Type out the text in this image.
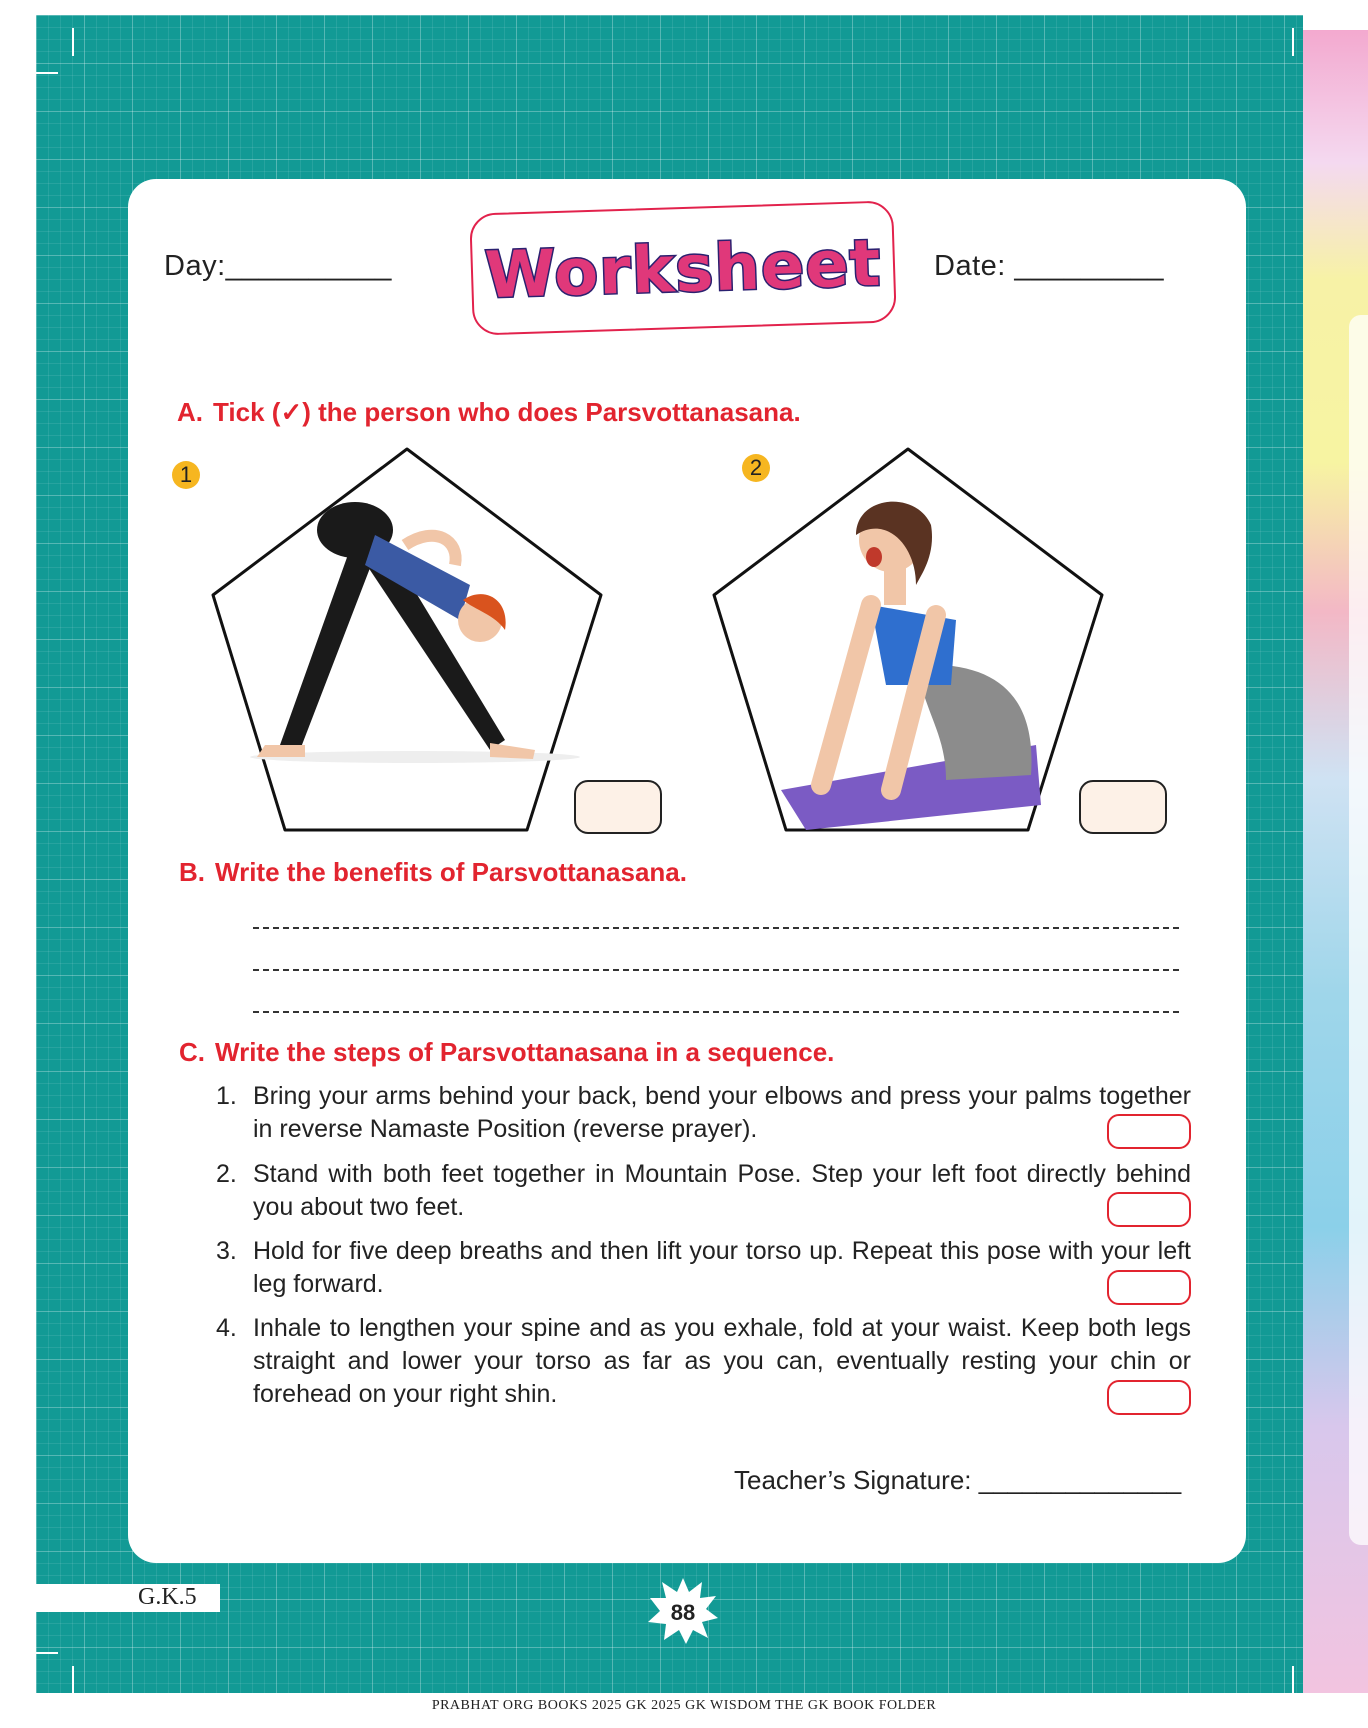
Day:__________	Date: _________
Worksheet
A. Tick (✓) the person who does Parsvottanasana.
1	2
B. Write the benefits of Parsvottanasana.
C. Write the steps of Parsvottanasana in a sequence.
1. Bring your arms behind your back, bend your elbows and press your palms together in reverse Namaste Position (reverse prayer).
2. Stand with both feet together in Mountain Pose. Step your left foot directly behind you about two feet.
3. Hold for five deep breaths and then lift your torso up. Repeat this pose with your left leg forward.
4. Inhale to lengthen your spine and as you exhale, fold at your waist. Keep both legs straight and lower your torso as far as you can, eventually resting your chin or forehead on your right shin.
Teacher’s Signature: ______________
G.K.5
88
PRABHAT ORG BOOKS 2025 GK 2025 GK WISDOM THE GK BOOK FOLDER
